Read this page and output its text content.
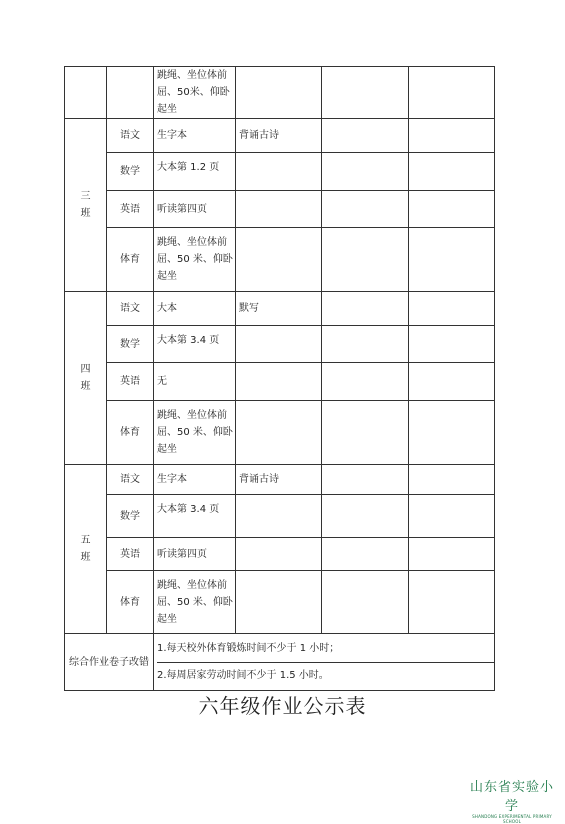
		跳绳、坐位体前屈、50米、仰卧起坐			

三
班	语文	生字本	背诵古诗		
	数学	大本第 1.2 页			
	英语	听读第四页			
	体育	跳绳、坐位体前屈、50 米、仰卧起坐			

四
班	语文	大本	默写		
	数学	大本第 3.4 页			
	英语	无			
	体育	跳绳、坐位体前屈、50 米、仰卧起坐			

五
班	语文	生字本	背诵古诗		
	数学	大本第 3.4 页			
	英语	听读第四页			
	体育	跳绳、坐位体前屈、50 米、仰卧起坐			
综合作业卷子改错		1.每天校外体育锻炼时间不少于 1 小时；
2.每周居家劳动时间不少于 1.5 小时。			
六年级作业公示表
山东省实验小学
SHANDONG EXPERIMENTAL PRIMARY SCHOOL
